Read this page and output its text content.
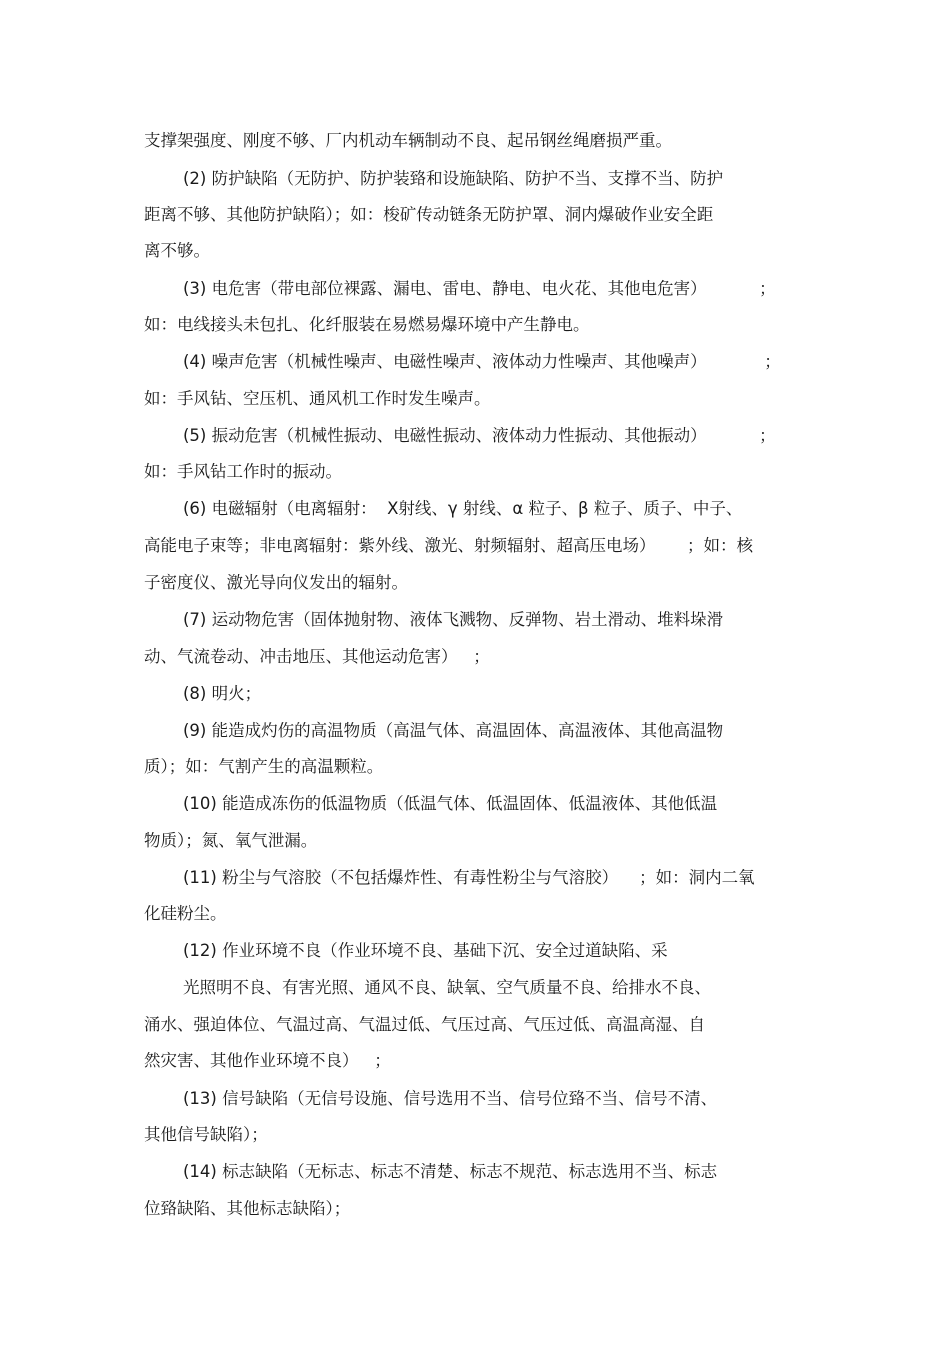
支撑架强度、刚度不够、厂内机动车辆制动不良、起吊钢丝绳磨损严重。
(2) 防护缺陷（无防护、防护装臵和设施缺陷、防护不当、支撑不当、防护
距离不够、其他防护缺陷）；如：梭矿传动链条无防护罩、洞内爆破作业安全距
离不够。
(3) 电危害（带电部位裸露、漏电、雷电、静电、电火花、其他电危害）          ；
如：电线接头未包扎、化纤服装在易燃易爆环境中产生静电。
(4) 噪声危害（机械性噪声、电磁性噪声、液体动力性噪声、其他噪声）           ；
如：手风钻、空压机、通风机工作时发生噪声。
(5) 振动危害（机械性振动、电磁性振动、液体动力性振动、其他振动）          ；
如：手风钻工作时的振动。
(6) 电磁辐射（电离辐射：  X射线、γ 射线、α 粒子、β 粒子、质子、中子、
高能电子束等；非电离辐射：紫外线、激光、射频辐射、超高压电场）      ；如：核
子密度仪、激光导向仪发出的辐射。
(7) 运动物危害（固体抛射物、液体飞溅物、反弹物、岩土滑动、堆料垛滑
动、气流卷动、冲击地压、其他运动危害）   ；
(8) 明火；
(9) 能造成灼伤的高温物质（高温气体、高温固体、高温液体、其他高温物
质）；如：气割产生的高温颗粒。
(10) 能造成冻伤的低温物质（低温气体、低温固体、低温液体、其他低温
物质）；氮、氧气泄漏。
(11) 粉尘与气溶胶（不包括爆炸性、有毒性粉尘与气溶胶）    ；如：洞内二氧
化硅粉尘。
(12) 作业环境不良（作业环境不良、基础下沉、安全过道缺陷、采
光照明不良、有害光照、通风不良、缺氧、空气质量不良、给排水不良、
涌水、强迫体位、气温过高、气温过低、气压过高、气压过低、高温高湿、自
然灾害、其他作业环境不良）   ；
(13) 信号缺陷（无信号设施、信号选用不当、信号位臵不当、信号不清、
其他信号缺陷）；
(14) 标志缺陷（无标志、标志不清楚、标志不规范、标志选用不当、标志
位臵缺陷、其他标志缺陷）；
